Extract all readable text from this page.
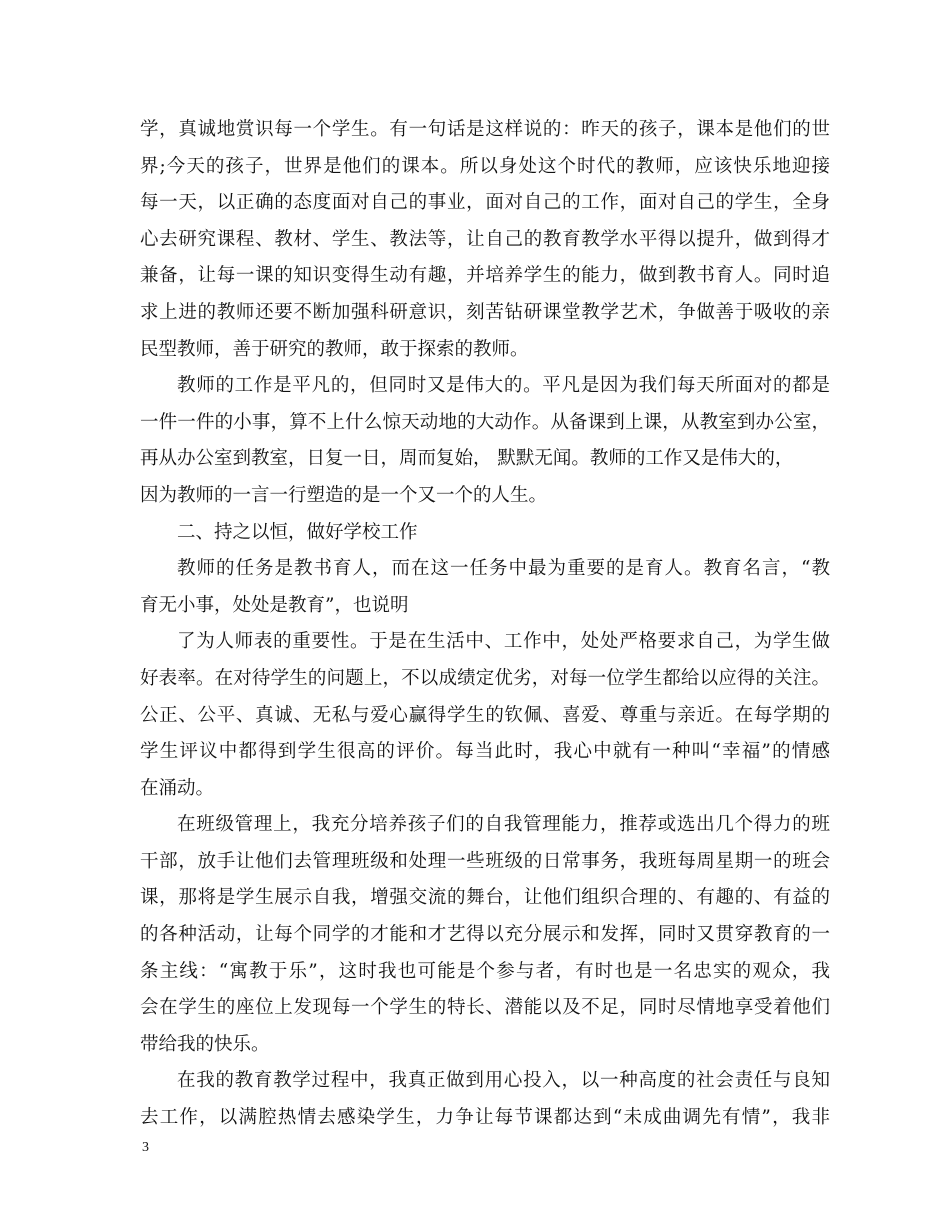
学，真诚地赏识每一个学生。有一句话是这样说的：昨天的孩子，课本是他们的世
界;今天的孩子，世界是他们的课本。所以身处这个时代的教师，应该快乐地迎接
每一天，以正确的态度面对自己的事业，面对自己的工作，面对自己的学生，全身
心去研究课程、教材、学生、教法等，让自己的教育教学水平得以提升，做到得才
兼备，让每一课的知识变得生动有趣，并培养学生的能力，做到教书育人。同时追
求上进的教师还要不断加强科研意识，刻苦钻研课堂教学艺术，争做善于吸收的亲
民型教师，善于研究的教师，敢于探索的教师。
教师的工作是平凡的，但同时又是伟大的。平凡是因为我们每天所面对的都是
一件一件的小事，算不上什么惊天动地的大动作。从备课到上课，从教室到办公室，
再从办公室到教室，日复一日，周而复始， 默默无闻。教师的工作又是伟大的，
因为教师的一言一行塑造的是一个又一个的人生。
二、持之以恒，做好学校工作
教师的任务是教书育人，而在这一任务中最为重要的是育人。教育名言，“教
育无小事，处处是教育”，也说明
了为人师表的重要性。于是在生活中、工作中，处处严格要求自己，为学生做
好表率。在对待学生的问题上，不以成绩定优劣，对每一位学生都给以应得的关注。
公正、公平、真诚、无私与爱心赢得学生的钦佩、喜爱、尊重与亲近。在每学期的
学生评议中都得到学生很高的评价。每当此时，我心中就有一种叫“幸福”的情感
在涌动。
在班级管理上，我充分培养孩子们的自我管理能力，推荐或选出几个得力的班
干部，放手让他们去管理班级和处理一些班级的日常事务，我班每周星期一的班会
课，那将是学生展示自我，增强交流的舞台，让他们组织合理的、有趣的、有益的
的各种活动，让每个同学的才能和才艺得以充分展示和发挥，同时又贯穿教育的一
条主线：“寓教于乐”，这时我也可能是个参与者，有时也是一名忠实的观众，我
会在学生的座位上发现每一个学生的特长、潜能以及不足，同时尽情地享受着他们
带给我的快乐。
在我的教育教学过程中，我真正做到用心投入，以一种高度的社会责任与良知
去工作，以满腔热情去感染学生，力争让每节课都达到“未成曲调先有情”，我非
3
